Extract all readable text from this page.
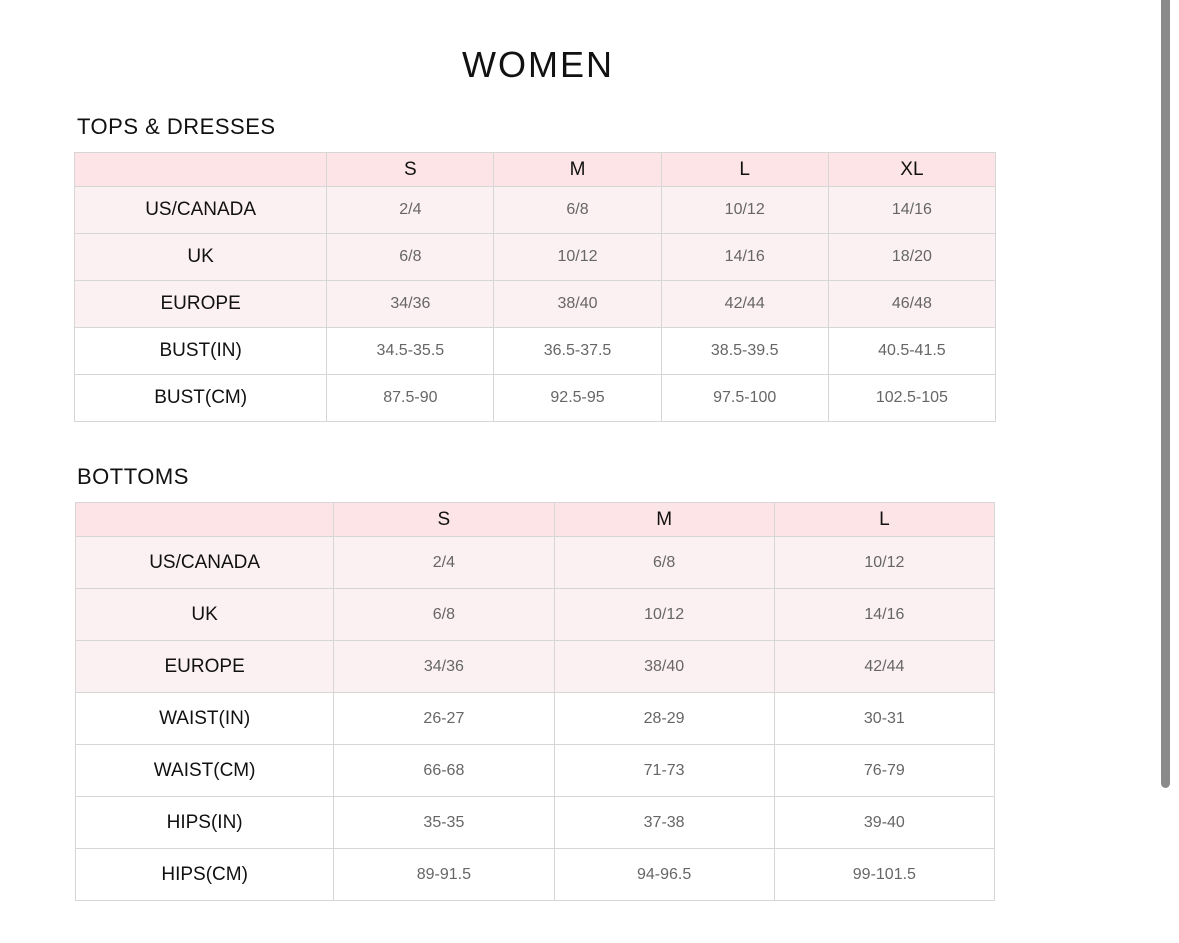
WOMEN
TOPS & DRESSES
	S	M	L	XL
US/CANADA	2/4	6/8	10/12	14/16
UK	6/8	10/12	14/16	18/20
EUROPE	34/36	38/40	42/44	46/48
BUST(IN)	34.5-35.5	36.5-37.5	38.5-39.5	40.5-41.5
BUST(CM)	87.5-90	92.5-95	97.5-100	102.5-105
BOTTOMS
	S	M	L
US/CANADA	2/4	6/8	10/12
UK	6/8	10/12	14/16
EUROPE	34/36	38/40	42/44
WAIST(IN)	26-27	28-29	30-31
WAIST(CM)	66-68	71-73	76-79
HIPS(IN)	35-35	37-38	39-40
HIPS(CM)	89-91.5	94-96.5	99-101.5
